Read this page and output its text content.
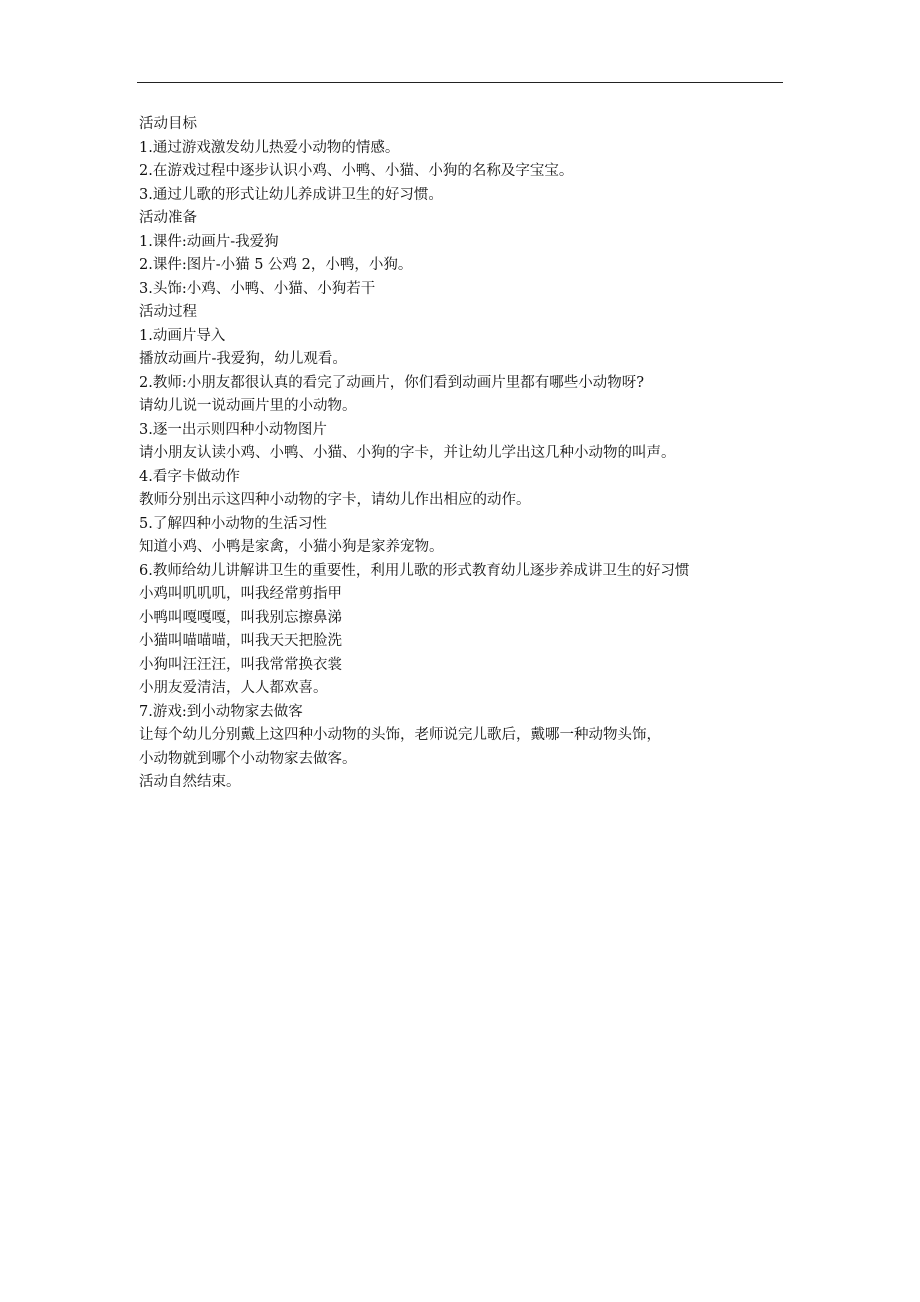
活动目标
1.通过游戏激发幼儿热爱小动物的情感。
2.在游戏过程中逐步认识小鸡、小鸭、小猫、小狗的名称及字宝宝。
3.通过儿歌的形式让幼儿养成讲卫生的好习惯。
活动准备
1.课件:动画片-我爱狗
2.课件:图片-小猫 5 公鸡 2，小鸭，小狗。
3.头饰:小鸡、小鸭、小猫、小狗若干
活动过程
1.动画片导入
播放动画片-我爱狗，幼儿观看。
2.教师:小朋友都很认真的看完了动画片，你们看到动画片里都有哪些小动物呀?
请幼儿说一说动画片里的小动物。
3.逐一出示则四种小动物图片
请小朋友认读小鸡、小鸭、小猫、小狗的字卡，并让幼儿学出这几种小动物的叫声。
4.看字卡做动作
教师分别出示这四种小动物的字卡，请幼儿作出相应的动作。
5.了解四种小动物的生活习性
知道小鸡、小鸭是家禽，小猫小狗是家养宠物。
6.教师给幼儿讲解讲卫生的重要性，利用儿歌的形式教育幼儿逐步养成讲卫生的好习惯
小鸡叫叽叽叽，叫我经常剪指甲
小鸭叫嘎嘎嘎，叫我别忘擦鼻涕
小猫叫喵喵喵，叫我天天把脸洗
小狗叫汪汪汪，叫我常常换衣裳
小朋友爱清洁，人人都欢喜。
7.游戏:到小动物家去做客
让每个幼儿分别戴上这四种小动物的头饰，老师说完儿歌后，戴哪一种动物头饰，
小动物就到哪个小动物家去做客。
活动自然结束。
